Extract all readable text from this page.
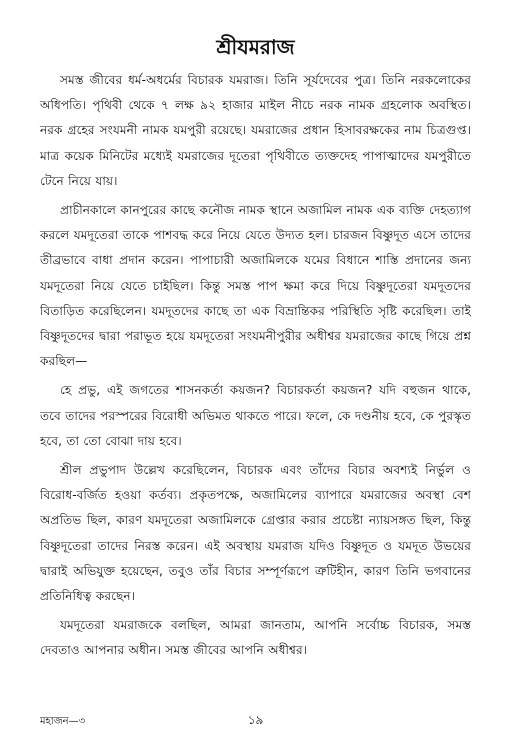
শ্রীযমরাজ

সমস্ত জীবের ধর্ম-অধর্মের বিচারক যমরাজ। তিনি সূর্যদেবের পুত্র। তিনি নরকলোকের অধিপতি। পৃথিবী থেকে ৭ লক্ষ ৯২ হাজার মাইল নীচে নরক নামক গ্রহলোক অবস্থিত। নরক গ্রহের সংযমনী নামক যমপুরী রয়েছে। যমরাজের প্রধান হিসাবরক্ষকের নাম চিত্রগুপ্ত। মাত্র কয়েক মিনিটের মধ্যেই যমরাজের দূতেরা পৃথিবীতে ত্যক্তদেহ পাপাত্মাদের যমপুরীতে টেনে নিয়ে যায়।

প্রাচীনকালে কানপুরের কাছে কনৌজ নামক স্থানে অজামিল নামক এক ব্যক্তি দেহত্যাগ করলে যমদূতেরা তাকে পাশবদ্ধ করে নিয়ে যেতে উদ্যত হল। চারজন বিষ্ণুদূত এসে তাদের তীব্রভাবে বাধা প্রদান করেন। পাপাচারী অজামিলকে যমের বিধানে শাস্তি প্রদানের জন্য যমদূতেরা নিয়ে যেতে চাইছিল। কিন্তু সমস্ত পাপ ক্ষমা করে দিয়ে বিষ্ণুদূতেরা যমদূতদের বিতাড়িত করেছিলেন। যমদূতদের কাছে তা এক বিভ্রান্তিকর পরিস্থিতি সৃষ্টি করেছিল। তাই বিষ্ণুদূতদের দ্বারা পরাভূত হয়ে যমদূতেরা সংযমনীপুরীর অধীশ্বর যমরাজের কাছে গিয়ে প্রশ্ন করছিল—

হে প্রভু, এই জগতের শাসনকর্তা কয়জন? বিচারকর্তা কয়জন? যদি বহুজন থাকে, তবে তাদের পরস্পরের বিরোধী অভিমত থাকতে পারে। ফলে, কে দণ্ডনীয় হবে, কে পুরস্কৃত হবে, তা তো বোঝা দায় হবে।

শ্রীল প্রভুপাদ উল্লেখ করেছিলেন, বিচারক এবং তাঁদের বিচার অবশ্যই নির্ভুল ও বিরোধ-বর্জিত হওয়া কর্তব্য। প্রকৃতপক্ষে, অজামিলের ব্যাপারে যমরাজের অবস্থা বেশ অপ্রতিভ ছিল, কারণ যমদূতেরা অজামিলকে গ্রেপ্তার করার প্রচেষ্টা ন্যায়সঙ্গত ছিল, কিন্তু বিষ্ণুদূতেরা তাদের নিরস্ত করেন। এই অবস্থায় যমরাজ যদিও বিষ্ণুদূত ও যমদূত উভয়ের দ্বারাই অভিযুক্ত হয়েছেন, তবুও তাঁর বিচার সম্পূর্ণরূপে ত্রুটিহীন, কারণ তিনি ভগবানের প্রতিনিধিত্ব করছেন।

যমদূতেরা যমরাজকে বলছিল, আমরা জানতাম, আপনি সর্বোচ্চ বিচারক, সমস্ত দেবতাও আপনার অধীন। সমস্ত জীবের আপনি অধীশ্বর।

মহাজন—৩	১৯
